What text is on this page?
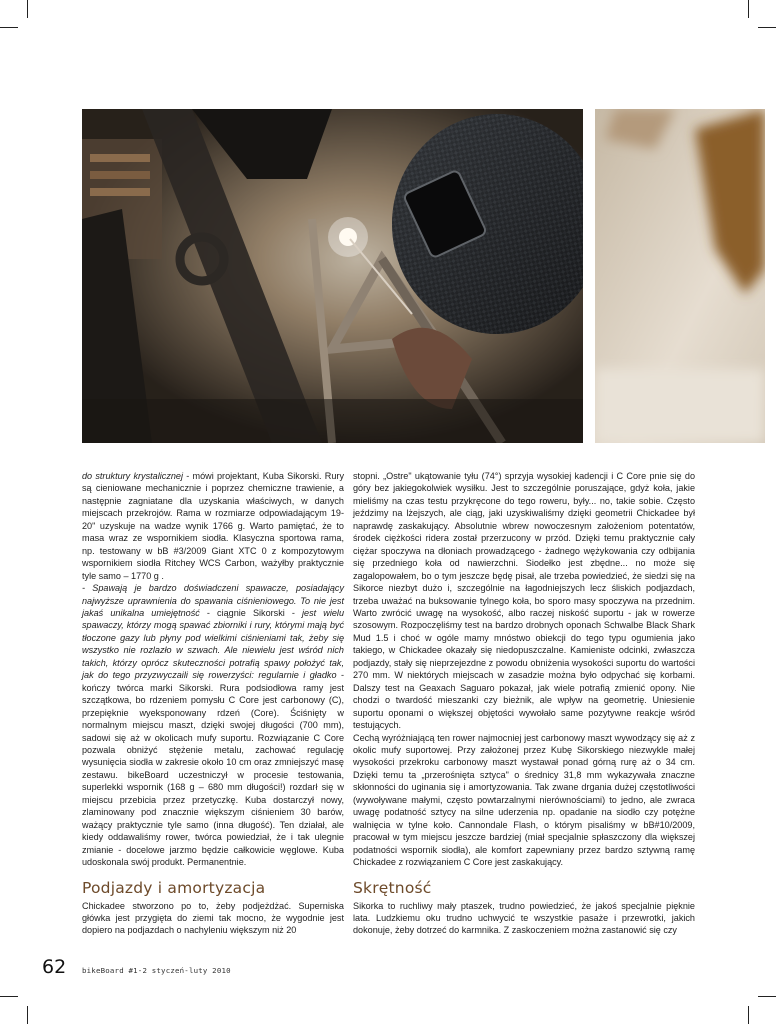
do struktury krystalicznej - mówi projektant, Kuba Sikorski. Rury są cieniowane mechanicznie i poprzez chemiczne trawienie, a następnie zagniatane dla uzyskania właściwych, w danych miejscach przekrojów. Rama w rozmiarze odpowiadającym 19-20" uzyskuje na wadze wynik 1766 g. Warto pamiętać, że to masa wraz ze wspornikiem siodła. Klasyczna sportowa rama, np. testowany w bB #3/2009 Giant XTC 0 z kompozytowym wspornikiem siodła Ritchey WCS Carbon, ważyłby praktycznie tyle samo – 1770 g .

- Spawają je bardzo doświadczeni spawacze, posiadający najwyższe uprawnienia do spawania ciśnieniowego. To nie jest jakaś unikalna umiejętność - ciągnie Sikorski - jest wielu spawaczy, którzy mogą spawać zbiorniki i rury, którymi mają być tłoczone gazy lub płyny pod wielkimi ciśnieniami tak, żeby się wszystko nie rozlazło w szwach. Ale niewielu jest wśród nich takich, którzy oprócz skuteczności potrafią spawy położyć tak, jak do tego przyzwyczaili się rowerzyści: regularnie i gładko - kończy twórca marki Sikorski. Rura podsiodłowa ramy jest szczątkowa, bo rdzeniem pomysłu C Core jest carbonowy (C), przepięknie wyeksponowany rdzeń (Core). Ściśnięty w normalnym miejscu maszt, dzięki swojej długości (700 mm), sadowi się aż w okolicach mufy suportu. Rozwiązanie C Core pozwala obniżyć stężenie metalu, zachować regulację wysunięcia siodła w zakresie około 10 cm oraz zmniejszyć masę zestawu. bikeBoard uczestniczył w procesie testowania, superlekki wspornik (168 g – 680 mm długości!) rozdarł się w miejscu przebicia przez przetyczkę. Kuba dostarczył nowy, zlaminowany pod znacznie większym ciśnieniem 30 barów, ważący praktycznie tyle samo (inna długość). Ten działał, ale kiedy oddawaliśmy rower, twórca powiedział, że i tak ulegnie zmianie - docelowe jarzmo będzie całkowicie węglowe. Kuba udoskonala swój produkt. Permanentnie.

Podjazdy i amortyzacja

Chickadee stworzono po to, żeby podjeżdżać. Superniska główka jest przygięta do ziemi tak mocno, że wygodnie jest dopiero na podjazdach o nachyleniu większym niż 20

stopni. „Ostre" ukątowanie tyłu (74°) sprzyja wysokiej kadencji i C Core pnie się do góry bez jakiegokolwiek wysiłku. Jest to szczególnie poruszające, gdyż koła, jakie mieliśmy na czas testu przykręcone do tego roweru, były... no, takie sobie. Często jeździmy na lżejszych, ale ciąg, jaki uzyskiwaliśmy dzięki geometrii Chickadee był naprawdę zaskakujący. Absolutnie wbrew nowoczesnym założeniom potentatów, środek ciężkości ridera został przerzucony w przód. Dzięki temu praktycznie cały ciężar spoczywa na dłoniach prowadzącego - żadnego wężykowania czy odbijania się przedniego koła od nawierzchni. Siodełko jest zbędne... no może się zagalopowałem, bo o tym jeszcze będę pisał, ale trzeba powiedzieć, że siedzi się na Sikorce niezbyt dużo i, szczególnie na łagodniejszych lecz śliskich podjazdach, trzeba uważać na buksowanie tylnego koła, bo sporo masy spoczywa na przednim. Warto zwrócić uwagę na wysokość, albo raczej niskość suportu - jak w rowerze szosowym. Rozpoczęliśmy test na bardzo drobnych oponach Schwalbe Black Shark Mud 1.5 i choć w ogóle mamy mnóstwo obiekcji do tego typu ogumienia jako takiego, w Chickadee okazały się niedopuszczalne. Kamieniste odcinki, zwłaszcza podjazdy, stały się nieprzejezdne z powodu obniżenia wysokości suportu do wartości 270 mm. W niektórych miejscach w zasadzie można było odpychać się korbami. Dalszy test na Geaxach Saguaro pokazał, jak wiele potrafią zmienić opony. Nie chodzi o twardość mieszanki czy bieżnik, ale wpływ na geometrię. Uniesienie suportu oponami o większej objętości wywołało same pozytywne reakcje wśród testujących.

Cechą wyróżniającą ten rower najmocniej jest carbonowy maszt wywodzący się aż z okolic mufy suportowej. Przy założonej przez Kubę Sikorskiego niezwykle małej wysokości przekroku carbonowy maszt wystawał ponad górną rurę aż o 34 cm. Dzięki temu ta „przerośnięta sztyca" o średnicy 31,8 mm wykazywała znaczne skłonności do uginania się i amortyzowania. Tak zwane drgania dużej częstotliwości (wywoływane małymi, często powtarzalnymi nierównościami) to jedno, ale zwraca uwagę podatność sztycy na silne uderzenia np. opadanie na siodło czy potężne walnięcia w tylne koło. Cannondale Flash, o którym pisaliśmy w bB#10/2009, pracował w tym miejscu jeszcze bardziej (miał specjalnie spłaszczony dla większej podatności wspornik siodła), ale komfort zapewniany przez bardzo sztywną ramę Chickadee z rozwiązaniem C Core jest zaskakujący.

Skrętność

Sikorka to ruchliwy mały ptaszek, trudno powiedzieć, że jakoś specjalnie pięknie lata. Ludzkiemu oku trudno uchwycić te wszystkie pasaże i przewrotki, jakich dokonuje, żeby dotrzeć do karmnika. Z zaskoczeniem można zastanowić się czy

62 bikeBoard #1-2 styczeń-luty 2010
